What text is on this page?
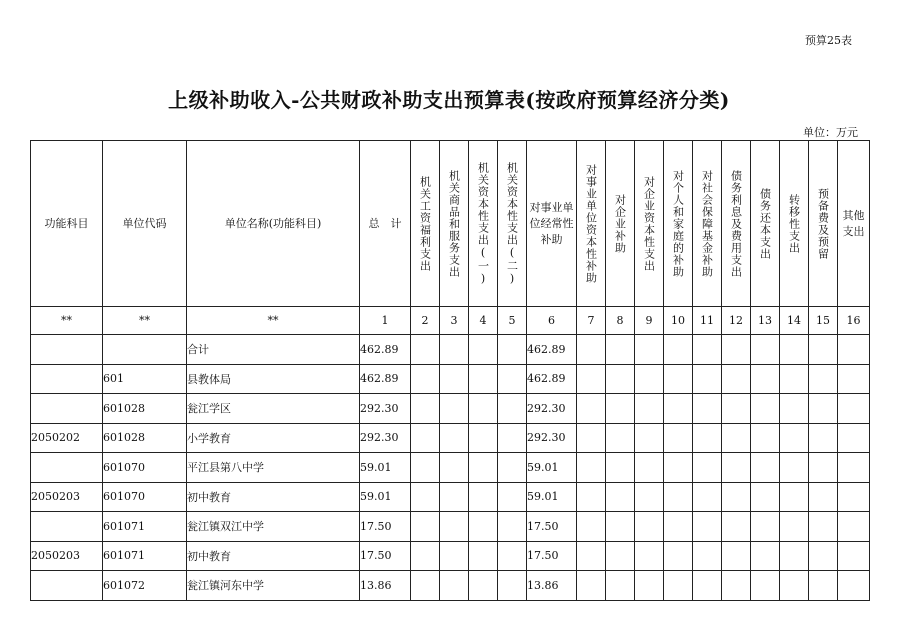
预算25表
上级补助收入-公共财政补助支出预算表(按政府预算经济分类)
单位：万元
功能科目	单位代码	单位名称(功能科目)	总　计	机关工资福利支出	机关商品和服务支出	机关资本性支出(一)	机关资本性支出(二)	对事业单位经常性补助	对事业单位资本性补助	对企业补助	对企业资本性支出	对个人和家庭的补助	对社会保障基金补助	债务利息及费用支出	债务还本支出	转移性支出	预备费及预留	其他支出

**	**	**	1	2	3	4	5	6	7	8	9	10	11	12	13	14	15	16
		合计	462.89					462.89										
	601	县教体局	462.89					462.89										
	601028	瓮江学区	292.30					292.30										
2050202	601028	小学教育	292.30					292.30										
	601070	平江县第八中学	59.01					59.01										
2050203	601070	初中教育	59.01					59.01										
	601071	瓮江镇双江中学	17.50					17.50										
2050203	601071	初中教育	17.50					17.50										
	601072	瓮江镇河东中学	13.86					13.86										
